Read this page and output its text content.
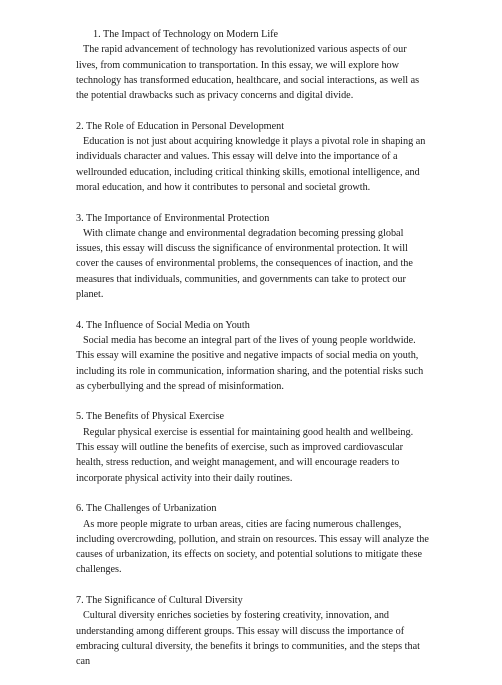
1. The Impact of Technology on Modern Life
The rapid advancement of technology has revolutionized various aspects of our lives, from communication to transportation. In this essay, we will explore how technology has transformed education, healthcare, and social interactions, as well as the potential drawbacks such as privacy concerns and digital divide.
2. The Role of Education in Personal Development
Education is not just about acquiring knowledge it plays a pivotal role in shaping an individuals character and values. This essay will delve into the importance of a wellrounded education, including critical thinking skills, emotional intelligence, and moral education, and how it contributes to personal and societal growth.
3. The Importance of Environmental Protection
With climate change and environmental degradation becoming pressing global issues, this essay will discuss the significance of environmental protection. It will cover the causes of environmental problems, the consequences of inaction, and the measures that individuals, communities, and governments can take to protect our planet.
4. The Influence of Social Media on Youth
Social media has become an integral part of the lives of young people worldwide. This essay will examine the positive and negative impacts of social media on youth, including its role in communication, information sharing, and the potential risks such as cyberbullying and the spread of misinformation.
5. The Benefits of Physical Exercise
Regular physical exercise is essential for maintaining good health and wellbeing. This essay will outline the benefits of exercise, such as improved cardiovascular health, stress reduction, and weight management, and will encourage readers to incorporate physical activity into their daily routines.
6. The Challenges of Urbanization
As more people migrate to urban areas, cities are facing numerous challenges, including overcrowding, pollution, and strain on resources. This essay will analyze the causes of urbanization, its effects on society, and potential solutions to mitigate these challenges.
7. The Significance of Cultural Diversity
Cultural diversity enriches societies by fostering creativity, innovation, and understanding among different groups. This essay will discuss the importance of embracing cultural diversity, the benefits it brings to communities, and the steps that can
